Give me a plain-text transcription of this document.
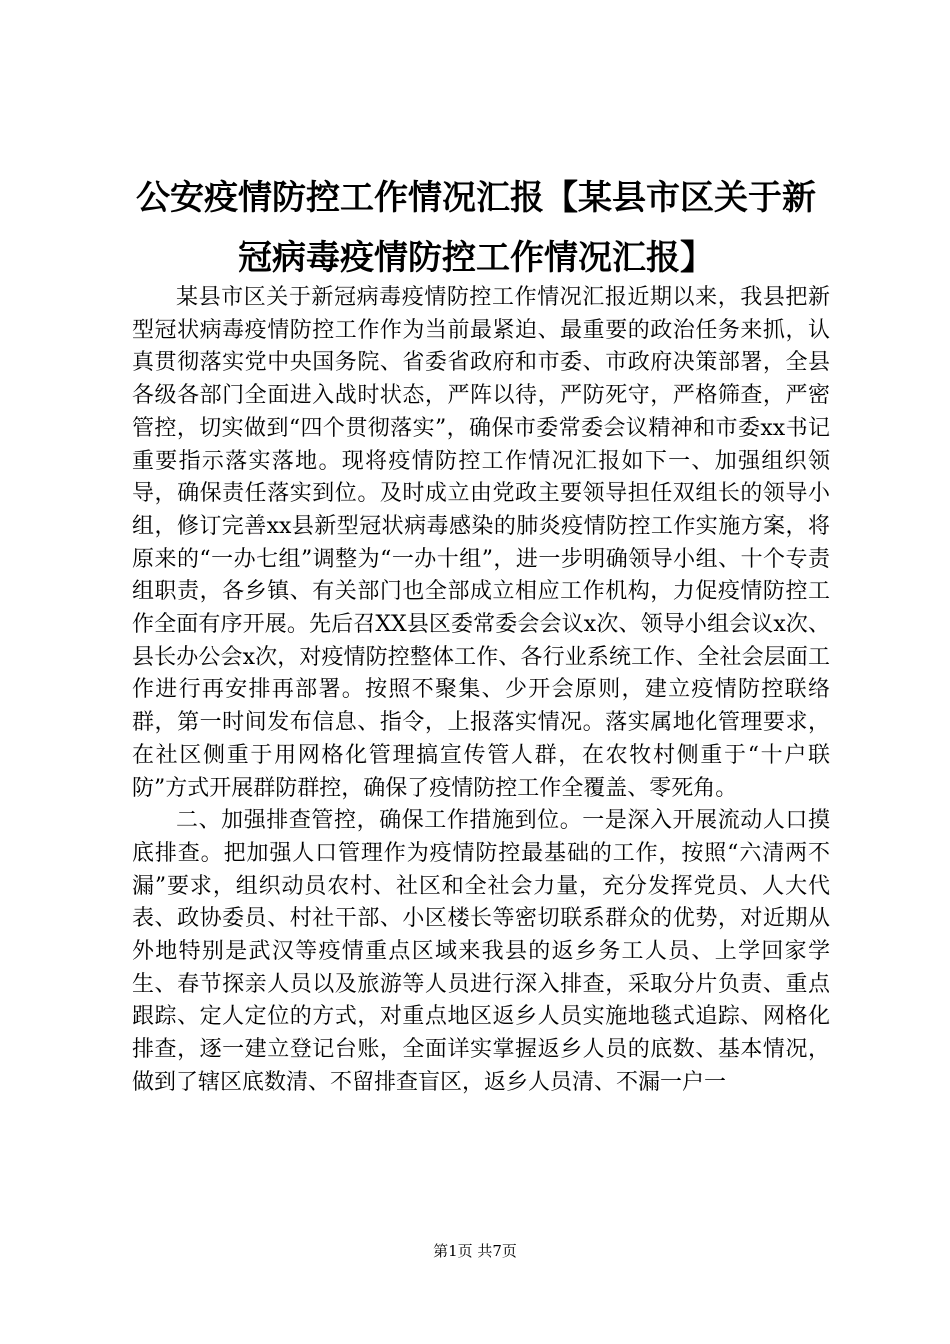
公安疫情防控工作情况汇报【某县市区关于新冠病毒疫情防控工作情况汇报】

某县市区关于新冠病毒疫情防控工作情况汇报近期以来，我县把新型冠状病毒疫情防控工作作为当前最紧迫、最重要的政治任务来抓，认真贯彻落实党中央国务院、省委省政府和市委、市政府决策部署，全县各级各部门全面进入战时状态，严阵以待，严防死守，严格筛查，严密管控，切实做到“四个贯彻落实”，确保市委常委会议精神和市委xx书记重要指示落实落地。现将疫情防控工作情况汇报如下一、加强组织领导，确保责任落实到位。及时成立由党政主要领导担任双组长的领导小组，修订完善xx县新型冠状病毒感染的肺炎疫情防控工作实施方案，将原来的“一办七组”调整为“一办十组”，进一步明确领导小组、十个专责组职责，各乡镇、有关部门也全部成立相应工作机构，力促疫情防控工作全面有序开展。先后召XX县区委常委会会议x次、领导小组会议x次、县长办公会x次，对疫情防控整体工作、各行业系统工作、全社会层面工作进行再安排再部署。按照不聚集、少开会原则，建立疫情防控联络群，第一时间发布信息、指令，上报落实情况。落实属地化管理要求，在社区侧重于用网格化管理搞宣传管人群，在农牧村侧重于“十户联防”方式开展群防群控，确保了疫情防控工作全覆盖、零死角。

二、加强排查管控，确保工作措施到位。一是深入开展流动人口摸底排查。把加强人口管理作为疫情防控最基础的工作，按照“六清两不漏”要求，组织动员农村、社区和全社会力量，充分发挥党员、人大代表、政协委员、村社干部、小区楼长等密切联系群众的优势，对近期从外地特别是武汉等疫情重点区域来我县的返乡务工人员、上学回家学生、春节探亲人员以及旅游等人员进行深入排查，采取分片负责、重点跟踪、定人定位的方式，对重点地区返乡人员实施地毯式追踪、网格化排查，逐一建立登记台账，全面详实掌握返乡人员的底数、基本情况，做到了辖区底数清、不留排查盲区，返乡人员清、不漏一户一

第1页 共7页
